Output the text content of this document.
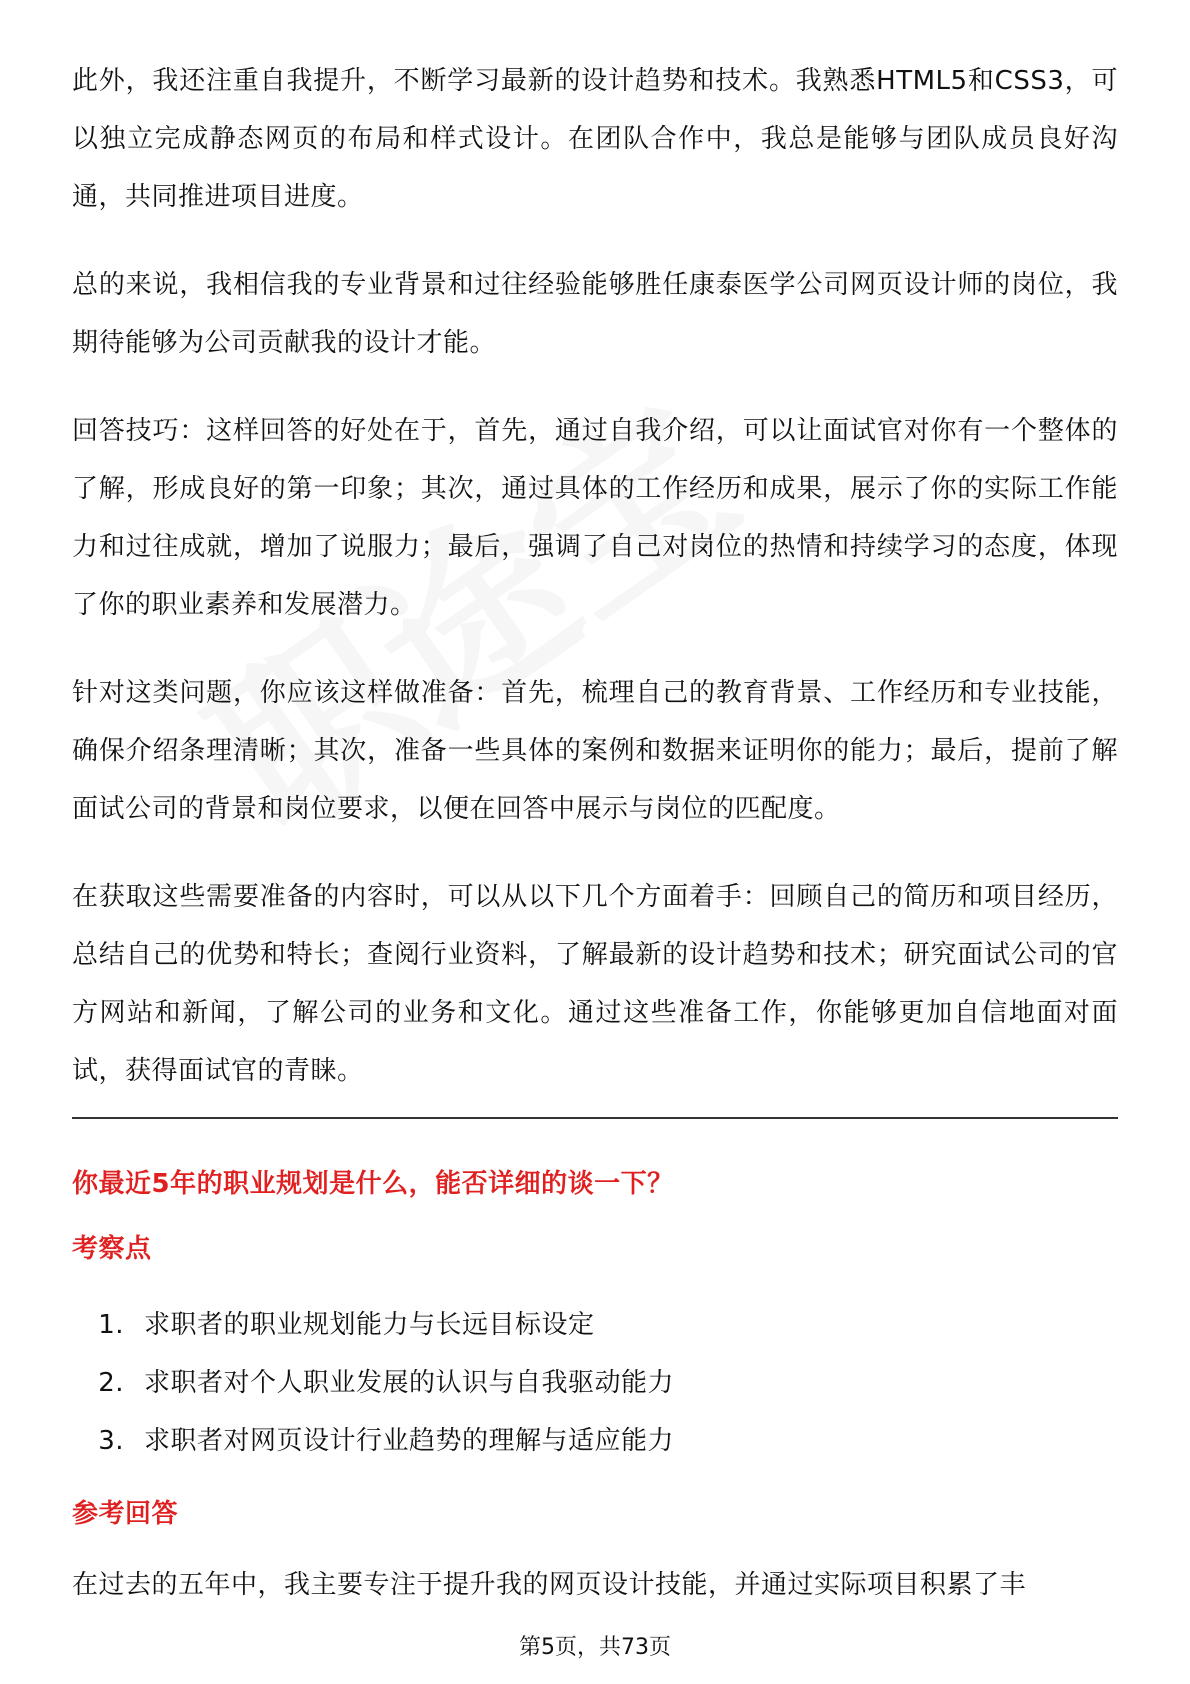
此外，我还注重自我提升，不断学习最新的设计趋势和技术。我熟悉HTML5和CSS3，可以独立完成静态网页的布局和样式设计。在团队合作中，我总是能够与团队成员良好沟通，共同推进项目进度。

总的来说，我相信我的专业背景和过往经验能够胜任康泰医学公司网页设计师的岗位，我期待能够为公司贡献我的设计才能。

回答技巧：这样回答的好处在于，首先，通过自我介绍，可以让面试官对你有一个整体的了解，形成良好的第一印象；其次，通过具体的工作经历和成果，展示了你的实际工作能力和过往成就，增加了说服力；最后，强调了自己对岗位的热情和持续学习的态度，体现了你的职业素养和发展潜力。

针对这类问题，你应该这样做准备：首先，梳理自己的教育背景、工作经历和专业技能，确保介绍条理清晰；其次，准备一些具体的案例和数据来证明你的能力；最后，提前了解面试公司的背景和岗位要求，以便在回答中展示与岗位的匹配度。

在获取这些需要准备的内容时，可以从以下几个方面着手：回顾自己的简历和项目经历，总结自己的优势和特长；查阅行业资料，了解最新的设计趋势和技术；研究面试公司的官方网站和新闻，了解公司的业务和文化。通过这些准备工作，你能够更加自信地面对面试，获得面试官的青睐。

你最近5年的职业规划是什么，能否详细的谈一下？
考察点
1. 求职者的职业规划能力与长远目标设定
2. 求职者对个人职业发展的认识与自我驱动能力
3. 求职者对网页设计行业趋势的理解与适应能力
参考回答

在过去的五年中，我主要专注于提升我的网页设计技能，并通过实际项目积累了丰

第5页，共73页
